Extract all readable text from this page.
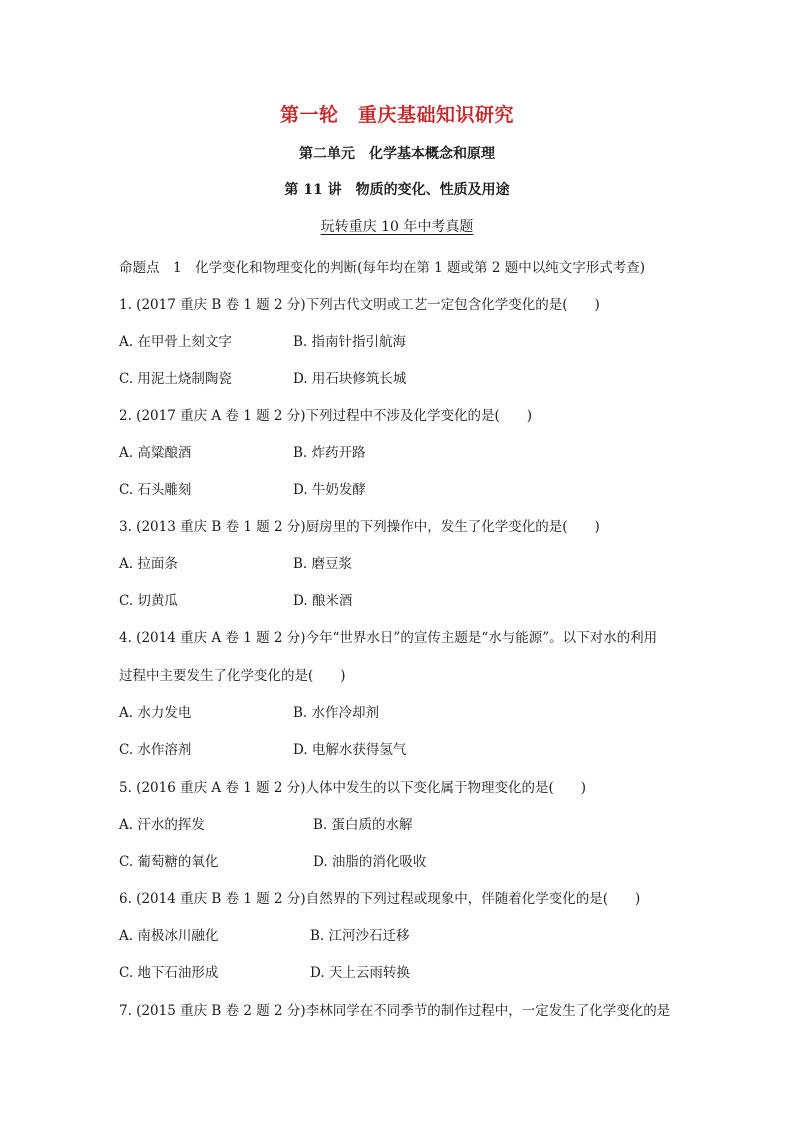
第一轮　重庆基础知识研究
第二单元　化学基本概念和原理
第 11 讲　物质的变化、性质及用途
玩转重庆 10 年中考真题
命题点　1　化学变化和物理变化的判断(每年均在第 1 题或第 2 题中以纯文字形式考查)
1. (2017 重庆 B 卷 1 题 2 分)下列古代文明或工艺一定包含化学变化的是(　　)
A. 在甲骨上刻文字	B. 指南针指引航海
C. 用泥土烧制陶瓷	D. 用石块修筑长城
2. (2017 重庆 A 卷 1 题 2 分)下列过程中不涉及化学变化的是(　　)
A. 高粱酿酒	B. 炸药开路
C. 石头雕刻	D. 牛奶发酵
3. (2013 重庆 B 卷 1 题 2 分)厨房里的下列操作中，发生了化学变化的是(　　)
A. 拉面条	B. 磨豆浆
C. 切黄瓜	D. 酿米酒
4. (2014 重庆 A 卷 1 题 2 分)今年“世界水日”的宣传主题是“水与能源”。以下对水的利用
过程中主要发生了化学变化的是(　　)
A. 水力发电	B. 水作冷却剂
C. 水作溶剂	D. 电解水获得氢气
5. (2016 重庆 A 卷 1 题 2 分)人体中发生的以下变化属于物理变化的是(　　)
A. 汗水的挥发	B. 蛋白质的水解
C. 葡萄糖的氧化	D. 油脂的消化吸收
6. (2014 重庆 B 卷 1 题 2 分)自然界的下列过程或现象中，伴随着化学变化的是(　　)
A. 南极冰川融化	B. 江河沙石迁移
C. 地下石油形成	D. 天上云雨转换
7. (2015 重庆 B 卷 2 题 2 分)李林同学在不同季节的制作过程中，一定发生了化学变化的是
